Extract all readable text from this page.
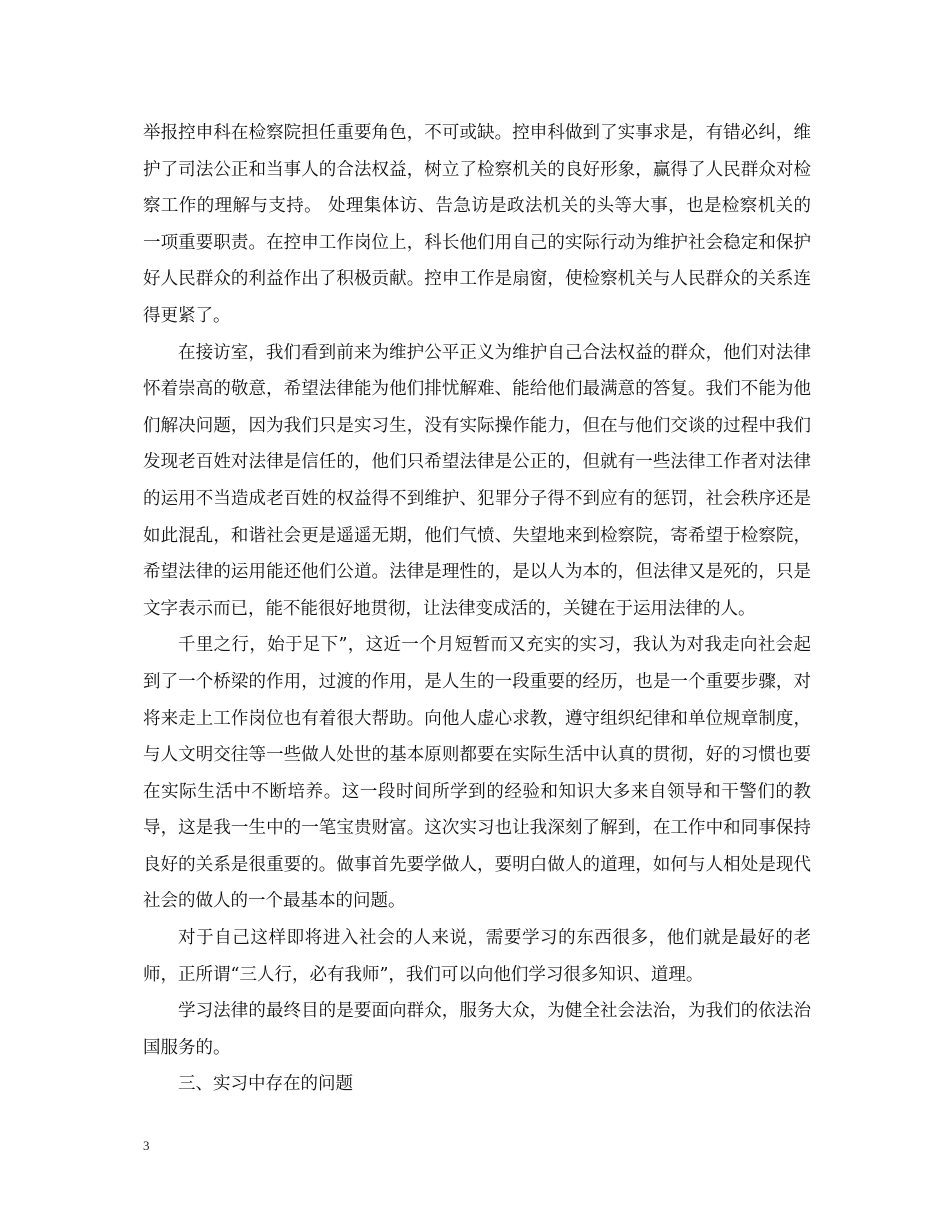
举报控申科在检察院担任重要角色，不可或缺。控申科做到了实事求是，有错必纠，维护了司法公正和当事人的合法权益，树立了检察机关的良好形象，赢得了人民群众对检察工作的理解与支持。 处理集体访、告急访是政法机关的头等大事，也是检察机关的一项重要职责。在控申工作岗位上，科长他们用自己的实际行动为维护社会稳定和保护好人民群众的利益作出了积极贡献。控申工作是扇窗，使检察机关与人民群众的关系连得更紧了。

在接访室，我们看到前来为维护公平正义为维护自己合法权益的群众，他们对法律怀着崇高的敬意，希望法律能为他们排忧解难、能给他们最满意的答复。我们不能为他们解决问题，因为我们只是实习生，没有实际操作能力，但在与他们交谈的过程中我们发现老百姓对法律是信任的，他们只希望法律是公正的，但就有一些法律工作者对法律的运用不当造成老百姓的权益得不到维护、犯罪分子得不到应有的惩罚，社会秩序还是如此混乱，和谐社会更是遥遥无期，他们气愤、失望地来到检察院，寄希望于检察院，希望法律的运用能还他们公道。法律是理性的，是以人为本的，但法律又是死的，只是文字表示而已，能不能很好地贯彻，让法律变成活的，关键在于运用法律的人。

千里之行，始于足下”，这近一个月短暂而又充实的实习，我认为对我走向社会起到了一个桥梁的作用，过渡的作用，是人生的一段重要的经历，也是一个重要步骤，对将来走上工作岗位也有着很大帮助。向他人虚心求教，遵守组织纪律和单位规章制度，与人文明交往等一些做人处世的基本原则都要在实际生活中认真的贯彻，好的习惯也要在实际生活中不断培养。这一段时间所学到的经验和知识大多来自领导和干警们的教导，这是我一生中的一笔宝贵财富。这次实习也让我深刻了解到，在工作中和同事保持良好的关系是很重要的。做事首先要学做人，要明白做人的道理，如何与人相处是现代社会的做人的一个最基本的问题。

对于自己这样即将进入社会的人来说，需要学习的东西很多，他们就是最好的老师，正所谓“三人行，必有我师”，我们可以向他们学习很多知识、道理。

学习法律的最终目的是要面向群众，服务大众，为健全社会法治，为我们的依法治国服务的。

三、实习中存在的问题

3
